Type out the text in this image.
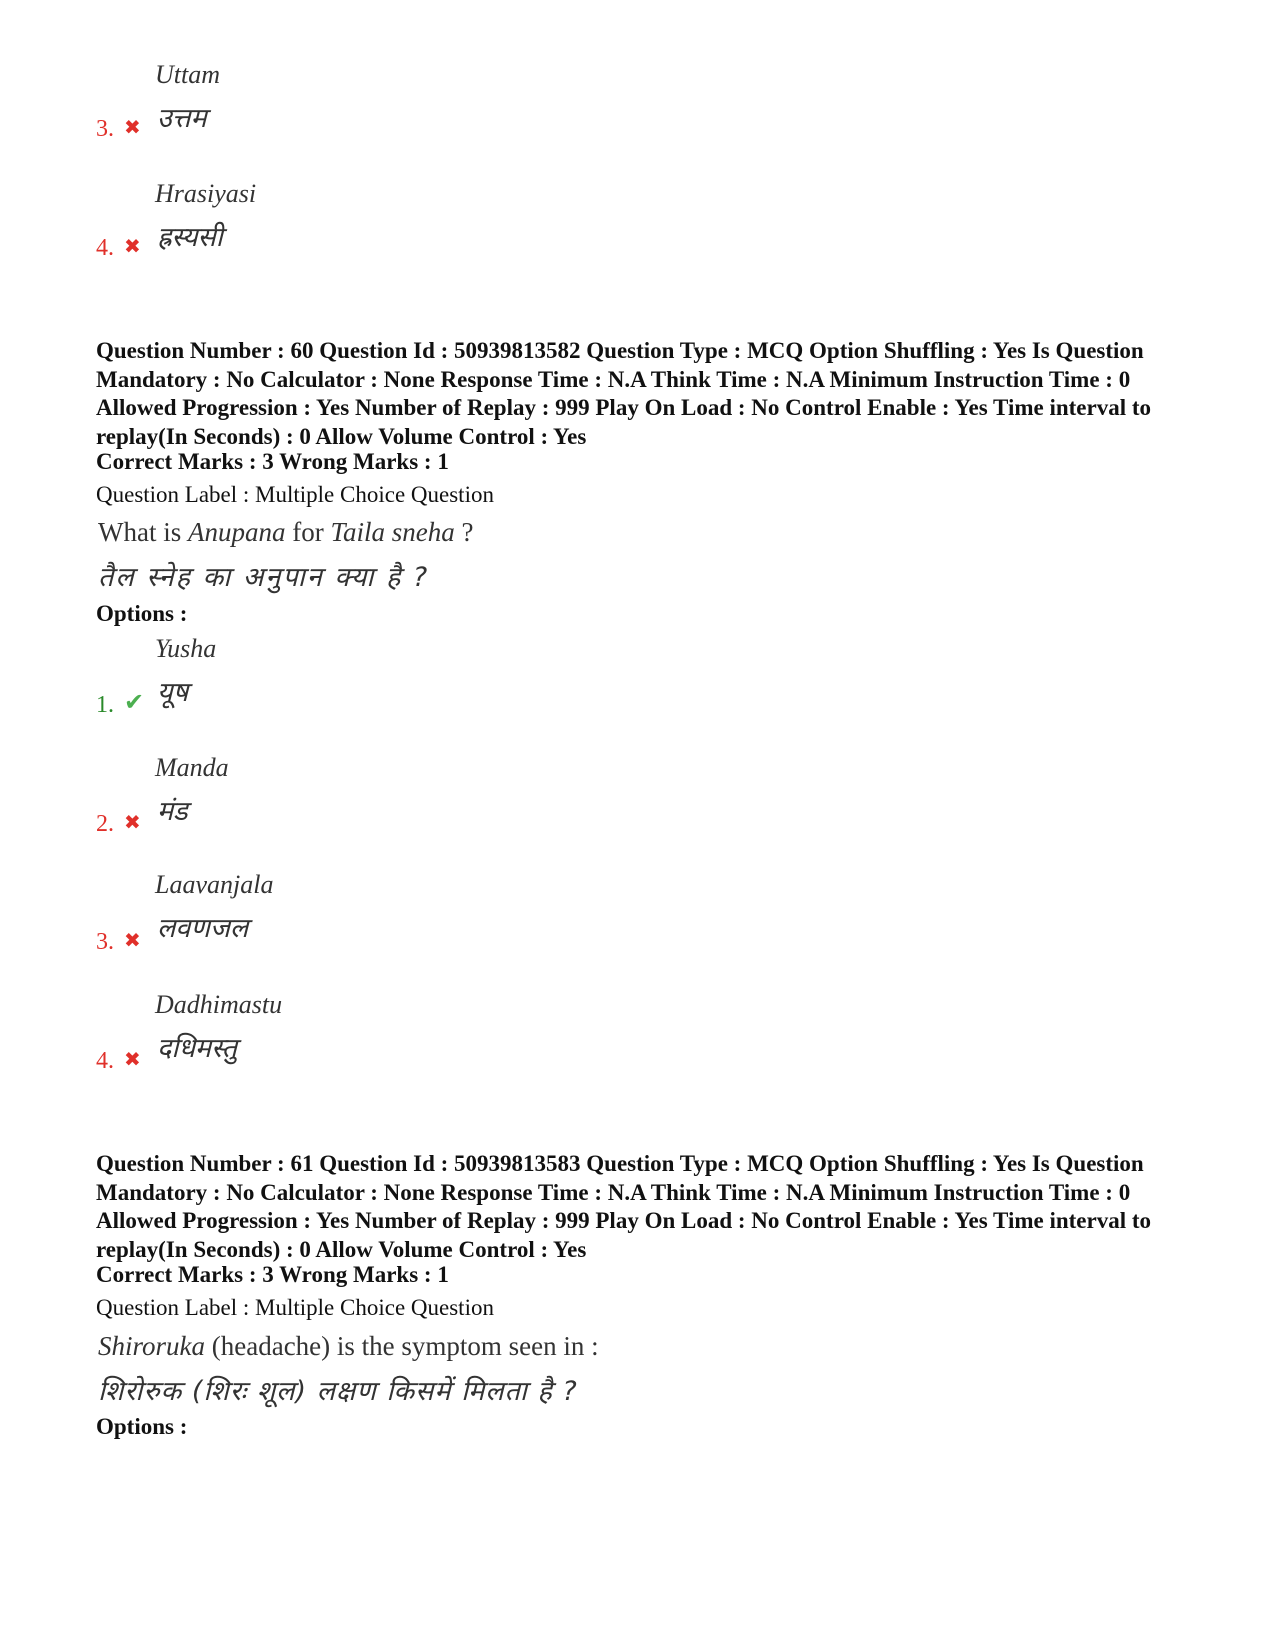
Uttam
उत्तम
3. ✖
Hrasiyasi
ह्रस्यसी
4. ✖
Question Number : 60 Question Id : 50939813582 Question Type : MCQ Option Shuffling : Yes Is Question Mandatory : No Calculator : None Response Time : N.A Think Time : N.A Minimum Instruction Time : 0 Allowed Progression : Yes Number of Replay : 999 Play On Load : No Control Enable : Yes Time interval to replay(In Seconds) : 0 Allow Volume Control : Yes
Correct Marks : 3 Wrong Marks : 1
Question Label : Multiple Choice Question
What is Anupana for Taila sneha ?
तैल स्नेह का अनुपान क्या है ?
Options :
Yusha
यूष
1. ✔
Manda
मंड
2. ✖
Laavanjala
लवणजल
3. ✖
Dadhimastu
दधिमस्तु
4. ✖
Question Number : 61 Question Id : 50939813583 Question Type : MCQ Option Shuffling : Yes Is Question Mandatory : No Calculator : None Response Time : N.A Think Time : N.A Minimum Instruction Time : 0 Allowed Progression : Yes Number of Replay : 999 Play On Load : No Control Enable : Yes Time interval to replay(In Seconds) : 0 Allow Volume Control : Yes
Correct Marks : 3 Wrong Marks : 1
Question Label : Multiple Choice Question
Shiroruka (headache) is the symptom seen in :
शिरोरुक (शिरः शूल) लक्षण किसमें मिलता है ?
Options :
